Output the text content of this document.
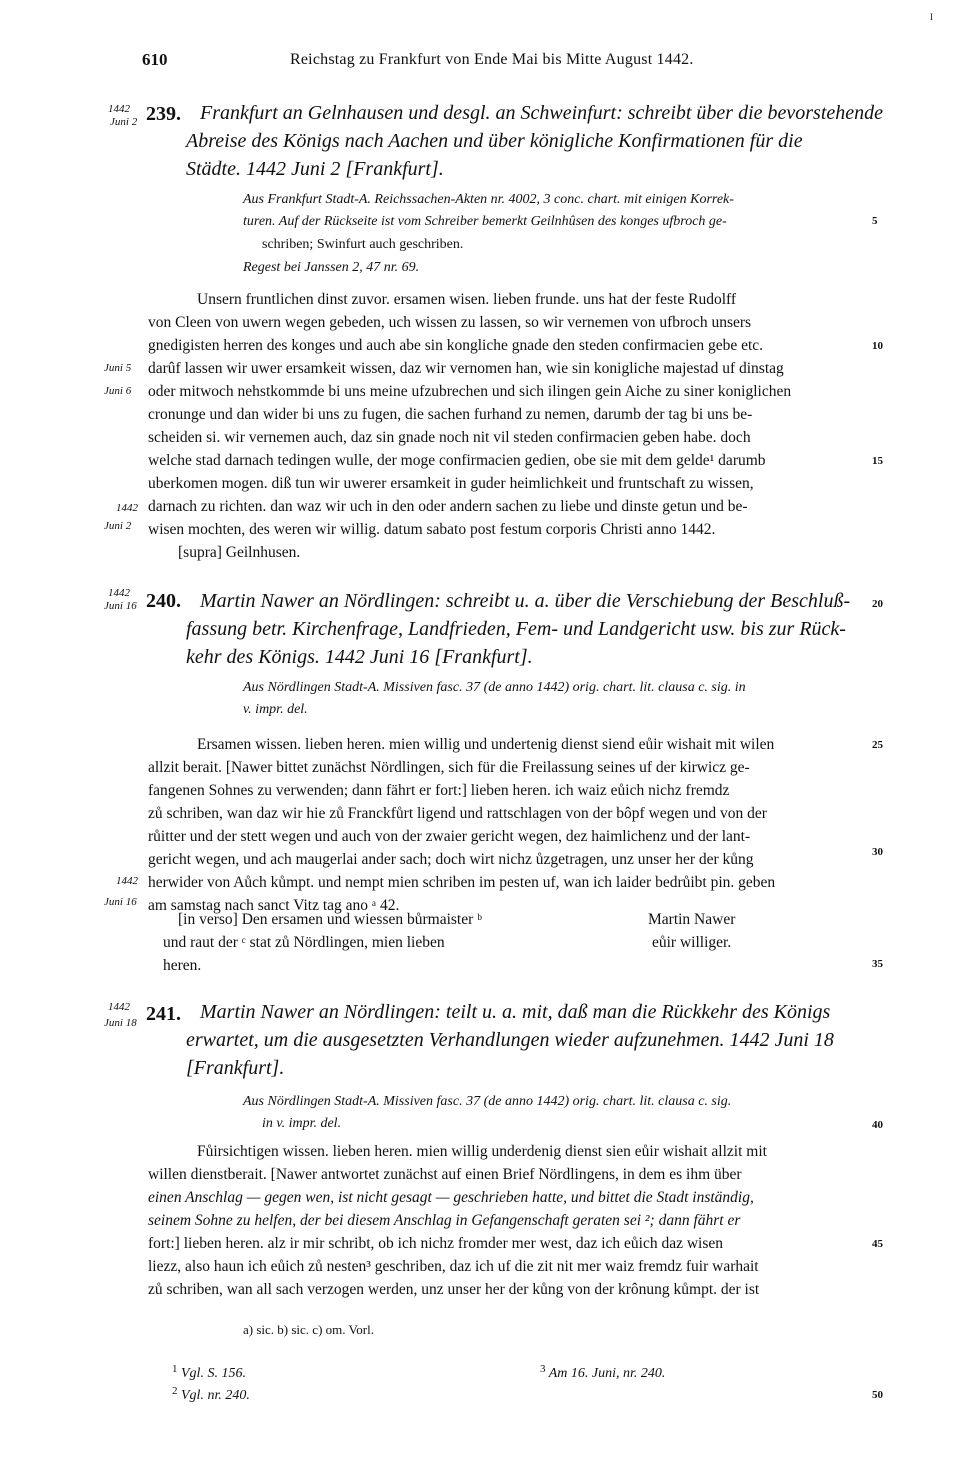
I
610	Reichstag zu Frankfurt von Ende Mai bis Mitte August 1442.
1442
Juni 2 239. Frankfurt an Gelnhausen und desgl. an Schweinfurt: schreibt über die bevorstehende
Abreise des Königs nach Aachen und über königliche Konfirmationen für die
Städte. 1442 Juni 2 [Frankfurt].
Aus Frankfurt Stadt-A. Reichssachen-Akten nr. 4002, 3 conc. chart. mit einigen Korrek-
turen. Auf der Rückseite ist vom Schreiber bemerkt Geilnhûsen des konges ufbroch ge-
schriben; Swinfurt auch geschriben.
Regest bei Janssen 2, 47 nr. 69.
5
Unsern fruntlichen dinst zuvor. ersamen wisen. lieben frunde. uns hat der feste Rudolff
von Cleen von uwern wegen gebeden, uch wissen zu lassen, so wir vernemen von ufbroch unsers
gnedigisten herren des konges und auch abe sin kongliche gnade den steden confirmacien gebe etc.
darûf lassen wir uwer ersamkeit wissen, daz wir vernomen han, wie sin konigliche majestad uf dinstag
oder mitwoch nehstkommde bi uns meine ufzubrechen und sich ilingen gein Aiche zu siner koniglichen
cronunge und dan wider bi uns zu fugen, die sachen furhand zu nemen, darumb der tag bi uns be-
scheiden si. wir vernemen auch, daz sin gnade noch nit vil steden confirmacien geben habe. doch
welche stad darnach tedingen wulle, der moge confirmacien gedien, obe sie mit dem gelde¹ darumb
uberkomen mogen. diß tun wir uwerer ersamkeit in guder heimlichkeit und fruntschaft zu wissen,
darnach zu richten. dan waz wir uch in den oder andern sachen zu liebe und dinste getun und be-
wisen mochten, des weren wir willig. datum sabato post festum corporis Christi anno 1442.
[supra] Geilnhusen.
10
15
Juni 5
Juni 6
1442
Juni 2
1442
Juni 16 240. Martin Nawer an Nördlingen: schreibt u. a. über die Verschiebung der Beschluß-
fassung betr. Kirchenfrage, Landfrieden, Fem- und Landgericht usw. bis zur Rück-
kehr des Königs. 1442 Juni 16 [Frankfurt].
20
Aus Nördlingen Stadt-A. Missiven fasc. 37 (de anno 1442) orig. chart. lit. clausa c. sig. in
v. impr. del.
Ersamen wissen. lieben heren. mien willig und undertenig dienst siend eůir wishait mit wilen
allzit berait. [Nawer bittet zunächst Nördlingen, sich für die Freilassung seines uf der kirwicz ge-
fangenen Sohnes zu verwenden; dann fährt er fort:] lieben heren. ich waiz eůich nichz fremdz
zů schriben, wan daz wir hie zů Franckfůrt ligend und rattschlagen von der bôpf wegen und von der
růitter und der stett wegen und auch von der zwaier gericht wegen, dez haimlichenz und der lant-
gericht wegen, und ach maugerlai ander sach; doch wirt nichz ůzgetragen, unz unser her der kůng
herwider von Aůch kůmpt. und nempt mien schriben im pesten uf, wan ich laider bedrůibt pin. geben
am samstag nach sanct Vitz tag ano ᵃ 42.
25
30
1442
Juni 16
[in verso] Den ersamen und wiessen bůrmaister ᵇ
und raut der ᶜ stat zů Nördlingen, mien lieben
heren.
Martin Nawer
eůir williger.
35
1442
Juni 18 241. Martin Nawer an Nördlingen: teilt u. a. mit, daß man die Rückkehr des Königs
erwartet, um die ausgesetzten Verhandlungen wieder aufzunehmen. 1442 Juni 18
[Frankfurt].
Aus Nördlingen Stadt-A. Missiven fasc. 37 (de anno 1442) orig. chart. lit. clausa c. sig.
in v. impr. del.	40
Fůirsichtigen wissen. lieben heren. mien willig underdenig dienst sien eůir wishait allzit mit
willen dienstberait. [Nawer antwortet zunächst auf einen Brief Nördlingens, in dem es ihm über
einen Anschlag — gegen wen, ist nicht gesagt — geschrieben hatte, und bittet die Stadt inständig,
seinem Sohne zu helfen, der bei diesem Anschlag in Gefangenschaft geraten sei ²; dann fährt er
fort:] lieben heren. alz ir mir schribt, ob ich nichz fromder mer west, daz ich eůich daz wisen
liezz, also haun ich eůich zů nesten³ geschriben, daz ich uf die zit nit mer waiz fremdz fuir warhait
zů schriben, wan all sach verzogen werden, unz unser her der kůng von der krônung kůmpt. der ist
45
a) sic. b) sic. c) om. Vorl.
$^1$ Vgl. S. 156.
$^2$ Vgl. nr. 240.
$^3$ Am 16. Juni, nr. 240.
50
